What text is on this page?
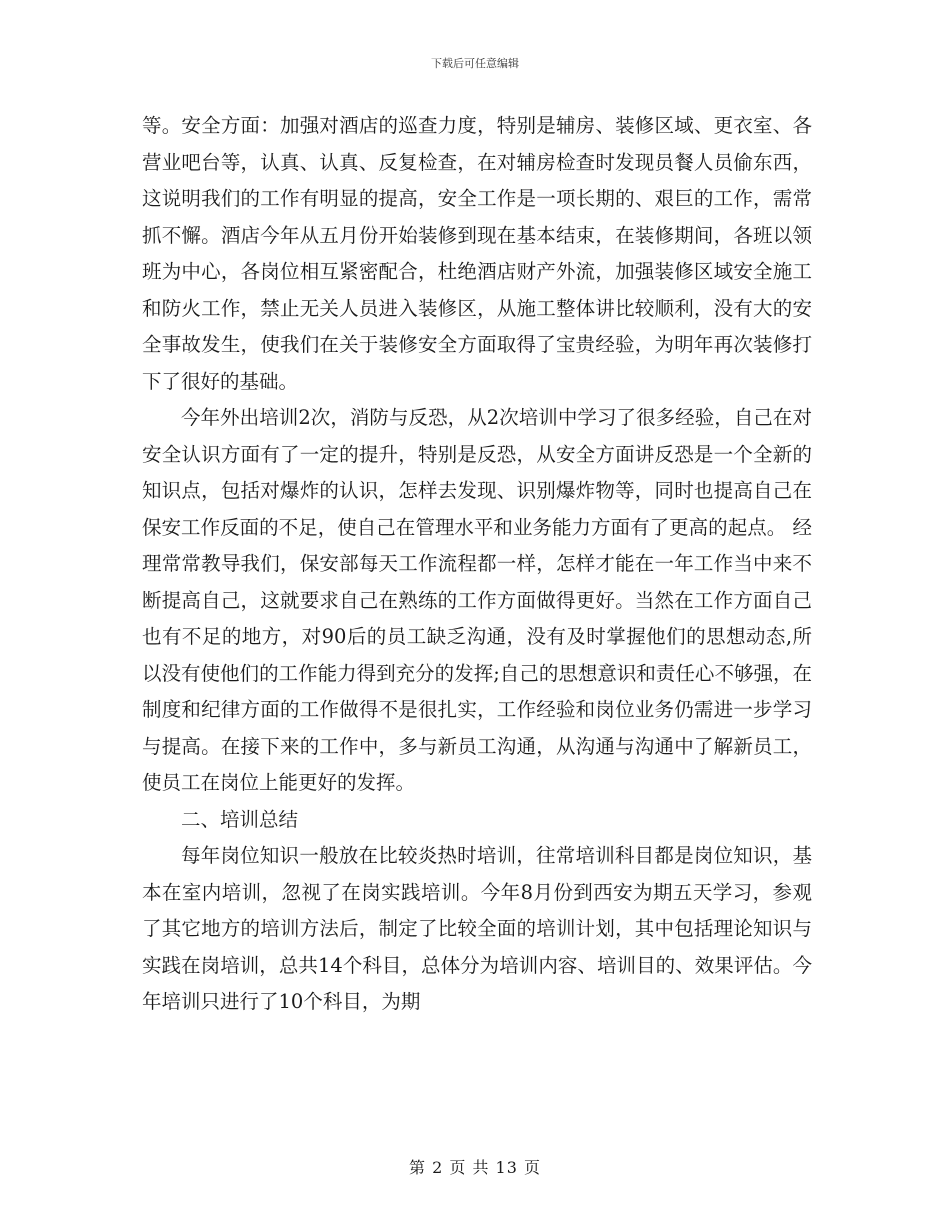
下载后可任意编辑

等。安全方面：加强对酒店的巡查力度，特别是辅房、装修区域、更衣室、各营业吧台等，认真、认真、反复检查，在对辅房检查时发现员餐人员偷东西，这说明我们的工作有明显的提高，安全工作是一项长期的、艰巨的工作，需常抓不懈。酒店今年从五月份开始装修到现在基本结束，在装修期间，各班以领班为中心，各岗位相互紧密配合，杜绝酒店财产外流，加强装修区域安全施工和防火工作，禁止无关人员进入装修区，从施工整体讲比较顺利，没有大的安全事故发生，使我们在关于装修安全方面取得了宝贵经验，为明年再次装修打下了很好的基础。

今年外出培训2次，消防与反恐，从2次培训中学习了很多经验，自己在对安全认识方面有了一定的提升，特别是反恐，从安全方面讲反恐是一个全新的知识点，包括对爆炸的认识，怎样去发现、识别爆炸物等，同时也提高自己在保安工作反面的不足，使自己在管理水平和业务能力方面有了更高的起点。 经理常常教导我们，保安部每天工作流程都一样，怎样才能在一年工作当中来不断提高自己，这就要求自己在熟练的工作方面做得更好。当然在工作方面自己也有不足的地方，对90后的员工缺乏沟通，没有及时掌握他们的思想动态,所以没有使他们的工作能力得到充分的发挥;自己的思想意识和责任心不够强，在制度和纪律方面的工作做得不是很扎实，工作经验和岗位业务仍需进一步学习与提高。在接下来的工作中，多与新员工沟通，从沟通与沟通中了解新员工，使员工在岗位上能更好的发挥。

二、培训总结

每年岗位知识一般放在比较炎热时培训，往常培训科目都是岗位知识，基本在室内培训，忽视了在岗实践培训。今年8月份到西安为期五天学习，参观了其它地方的培训方法后，制定了比较全面的培训计划，其中包括理论知识与实践在岗培训，总共14个科目，总体分为培训内容、培训目的、效果评估。今年培训只进行了10个科目，为期

第 2 页 共 13 页
